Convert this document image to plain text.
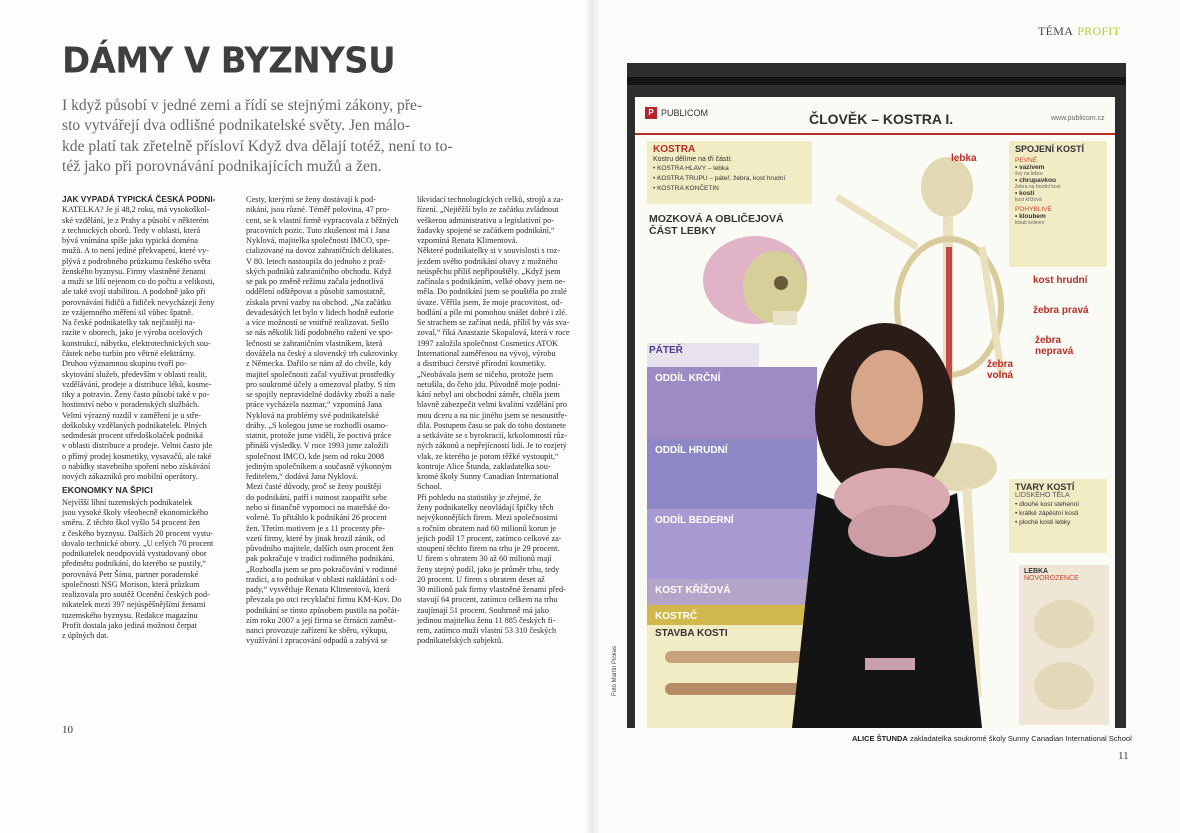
DÁMY V BYZNYSU
I když působí v jedné zemi a řídí se stejnými zákony, pře-
sto vytvářejí dva odlišné podnikatelské světy. Jen málo-
kde platí tak zřetelně přísloví Když dva dělají totéž, není to to-
též jako při porovnávání podnikajících mužů a žen.
JAK VYPADÁ TYPICKÁ ČESKÁ PODNI-
KATELKA? Je jí 48,2 roku, má vysokoškol-
ské vzdělání, je z Prahy a působí v některém
z technických oborů. Tedy v oblasti, která
bývá vnímána spíše jako typická doména
mužů. A to není jediné překvapení, které vy-
plývá z podrobného průzkumu českého světa
ženského byznysu. Firmy vlastněné ženami
a muži se liší nejenom co do počtu a velikosti,
ale také svojí stabilitou. A podobně jako při
porovnávání řidičů a řidiček nevycházejí ženy
ze vzájemného měření sil vůbec špatně.
Na české podnikatelky tak nejčastěji na-
razíte v oborech, jako je výroba ocelových
konstrukcí, nábytku, elektrotechnických sou-
částek nebo turbín pro větrné elektrárny.
Druhou významnou skupinu tvoří po-
skytování služeb, především v oblasti realit,
vzdělávání, prodeje a distribuce léků, kosme-
tiky a potravin. Ženy často působí také v po-
hostinství nebo v poradenských službách.
Velmi výrazný rozdíl v zaměření je u stře-
doškolsky vzdělaných podnikatelek. Plných
sedmdesát procent středoškolaček podniká
v oblasti distribuce a prodeje. Velmi často jde
o přímý prodej kosmetiky, vysavačů, ale také
o nabídky stavebního spoření nebo získávání
nových zákazníků pro mobilní operátory.
EKONOMKY NA ŠPICI
Nejvíšší líhní tuzemských podnikatelek
jsou vysoké školy všeobecně ekonomického
směru. Z těchto škol vyšlo 54 procent žen
z českého byznysu. Dalších 20 procent vystu-
dovalo technické obory. „U celých 70 procent
podnikatelek neodpovídá vystudovaný obor
předmětu podnikání, do kterého se pustily,“
porovnává Petr Šíma, partner poradenské
společnosti NSG Morison, která průzkum
realizovala pro soutěž Ocenění českých pod-
nikatelek mezi 397 nejúspěšnějšími ženami
tuzemského byznysu. Redakce magazínu
Profit dostala jako jediná možnost čerpat
z úplných dat.
Cesty, kterými se ženy dostávají k pod-
nikání, jsou různé. Téměř polovina, 47 pro-
cent, se k vlastní firmě vypracovala z běžných
pracovních pozic. Tuto zkušenost má i Jana
Nyklová, majitelka společnosti IMCO, spe-
cializované na dovoz zahraničních delikates.
V 80. letech nastoupila do jednoho z praž-
ských podniků zahraničního obchodu. Když
se pak po změně režimu začala jednotlivá
oddělení odštěpovat a působit samostatně,
získala první vazby na obchod. „Na začátku
devadesátých let bylo v lidech hodně euforie
a více možností se vnitřně realizovat. Sešlo
se nás několik lidí podobného ražení ve spo-
lečnosti se zahraničním vlastníkem, která
dovážela na český a slovenský trh cukrovinky
z Německa. Dařilo se nám až do chvíle, kdy
majitel společnosti začal využívat prostředky
pro soukromé účely a omezoval platby. S tím
se spojily nepravidelné dodávky zboží a naše
práce vycházela nazmar,“ vzpomíná Jana
Nyklová na problémy své podnikatelské
dráhy. „S kolegou jsme se rozhodli osamo-
statnit, protože jsme viděli, že poctivá práce
přináší výsledky. V roce 1993 jsme založili
společnost IMCO, kde jsem od roku 2008
jediným společníkem a současně výkonným
ředitelem,“ dodává Jana Nyklová.
Mezi časté důvody, proč se ženy pouštějí
do podnikání, patří i nutnost zaopatřit sebe
nebo si finančně vypomoci na mateřské do-
volené. To přitáhlo k podnikání 26 procent
žen. Třetím motivem je s 11 procenty pře-
vzetí firmy, které by jinak hrozil zánik, od
původního majitele, dalších osm procent žen
pak pokračuje v tradici rodinného podnikání.
„Rozhodla jsem se pro pokračování v rodinné
tradici, a to podnikat v oblasti nakládání s od-
pady,“ vysvětluje Renata Klimentová, která
převzala po otci recyklační firmu KM-Kov. Do
podnikání se tímto způsobem pustila na počát-
zím roku 2007 a její firma se čtrnácti zaměst-
nanci provozuje zařízení ke sběru, výkupu,
využívání i zpracování odpadů a zabývá se
likvidací technologických celků, strojů a za-
řízení. „Nejtěžší bylo ze začátku zvládnout
veškerou administrativu a legislativní po-
žadavky spojené se začátkem podnikání,“
vzpomíná Renata Klimentová.
Některé podnikatelky si v souvislosti s roz-
jezdem svého podnikání obavy z možného
neúspěchu příliš nepřipouštěly. „Když jsem
začínala s podnikáním, velké obavy jsem ne-
měla. Do podnikání jsem se pouštěla po zralé
úvaze. Věřila jsem, že moje pracovitost, od-
hodlání a píle mi pomohou snášet dobré i zlé.
Se strachem se začínat nedá, příliš by vás sva-
zoval,“ říká Anastazie Skopalová, která v roce
1997 založila společnost Cosmetics ATOK
International zaměřenou na vývoj, výrobu
a distribuci čerstvé přírodní kosmetiky.
„Neobávala jsem se ničeho, protože jsem
netušila, do čeho jdu. Původně moje podni-
kání nebyl ani obchodní záměr, chtěla jsem
hlavně zabezpečit velmi kvalitní vzdělání pro
mou dceru a na nic jiného jsem se nesousttře-
dila. Postupem času se pak do toho dostanete
a setkáváte se s byrokracií, krkolomností růz-
ných zákonů a nepřejícností lidí. Je to rozjetý
vlak, ze kterého je potom těžké vystoupit,“
kontruje Alice Štunda, zakladatelka sou-
kromé školy Sunny Canadian International
School.
Při pohledu na statistiky je zřejmé, že
ženy podnikatelky neovládají špičky těch
nejvýkonnějších firem. Mezi společnostmi
s ročním obratem nad 60 milionů korun je
jejich podíl 17 procent, zatímco celkové za-
stoupení těchto firem na trhu je 29 procent.
U firem s obratem 30 až 60 milionů mají
ženy stejný podíl, jako je průměr trhu, tedy
20 procent. U firem s obratem deset až
30 milionů pak firmy vlastněné ženami před-
stavují 64 procent, zatímco celkem na trhu
zaujímají 51 procent. Souhrnně má jako
jedinou majitelku ženu 11 885 českých fi-
rem, zatímco muži vlastní 53 310 českých
podnikatelských subjektů.
10
TÉMA PROFIT
P PUBLICOM	ČLOVĚK – KOSTRA I.	www.publicom.cz
KOSTRA
Kostru dělíme na tři části:
• KOSTRA HLAVY – lebka
• KOSTRA TRUPU – páteř, žebra, kost hrudní
• KOSTRA KONČETIN
MOZKOVÁ A OBLIČEJOVÁ
ČÁST LEBKY
PÁTEŘ
ODDÍL KRČNÍ
ODDÍL HRUDNÍ
ODDÍL BEDERNÍ
KOST KŘÍŽOVÁ
KOSTRČ
STAVBA KOSTI
SPOJENÍ KOSTÍ
PEVNÉ
• vazivem
švy na lebce
• chrupavkou
žebra na hrudní kost
• kostí
kost křížová
POHYBLIVÉ
• kloubem
kloub kolenní
lebka
kost hrudní
žebra pravá
žebra nepravá
žebra volná
TVARY KOSTÍ
LIDSKÉHO TĚLA
• dlouhé kost stehenní
• krátké zápěstní kosti
• ploché kosti lebky
LEBKA NOVOROZENCE
Foto Martin Pinkas
ALICE ŠTUNDA zakladatelka soukromé školy Sunny Canadian International School
11
